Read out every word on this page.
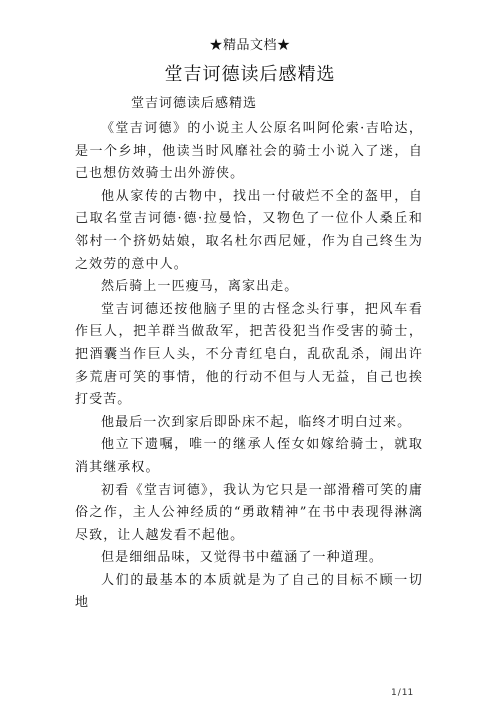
★精品文档★
堂吉诃德读后感精选
堂吉诃德读后感精选

《堂吉诃德》的小说主人公原名叫阿伦索·吉哈达，是一个乡坤，他读当时风靡社会的骑士小说入了迷，自己也想仿效骑士出外游侠。

他从家传的古物中，找出一付破烂不全的盔甲，自己取名堂吉诃德·德·拉曼恰，又物色了一位仆人桑丘和邻村一个挤奶姑娘，取名杜尔西尼娅，作为自己终生为之效劳的意中人。

然后骑上一匹瘦马，离家出走。

堂吉诃德还按他脑子里的古怪念头行事，把风车看作巨人，把羊群当做敌军，把苦役犯当作受害的骑士，把酒囊当作巨人头，不分青红皂白，乱砍乱杀，闹出许多荒唐可笑的事情，他的行动不但与人无益，自己也挨打受苦。

他最后一次到家后即卧床不起，临终才明白过来。

他立下遗嘱，唯一的继承人侄女如嫁给骑士，就取消其继承权。

初看《堂吉诃德》，我认为它只是一部滑稽可笑的庸俗之作，主人公神经质的“勇敢精神”在书中表现得淋漓尽致，让人越发看不起他。

但是细细品味，又觉得书中蕴涵了一种道理。

人们的最基本的本质就是为了自己的目标不顾一切地

1/11
